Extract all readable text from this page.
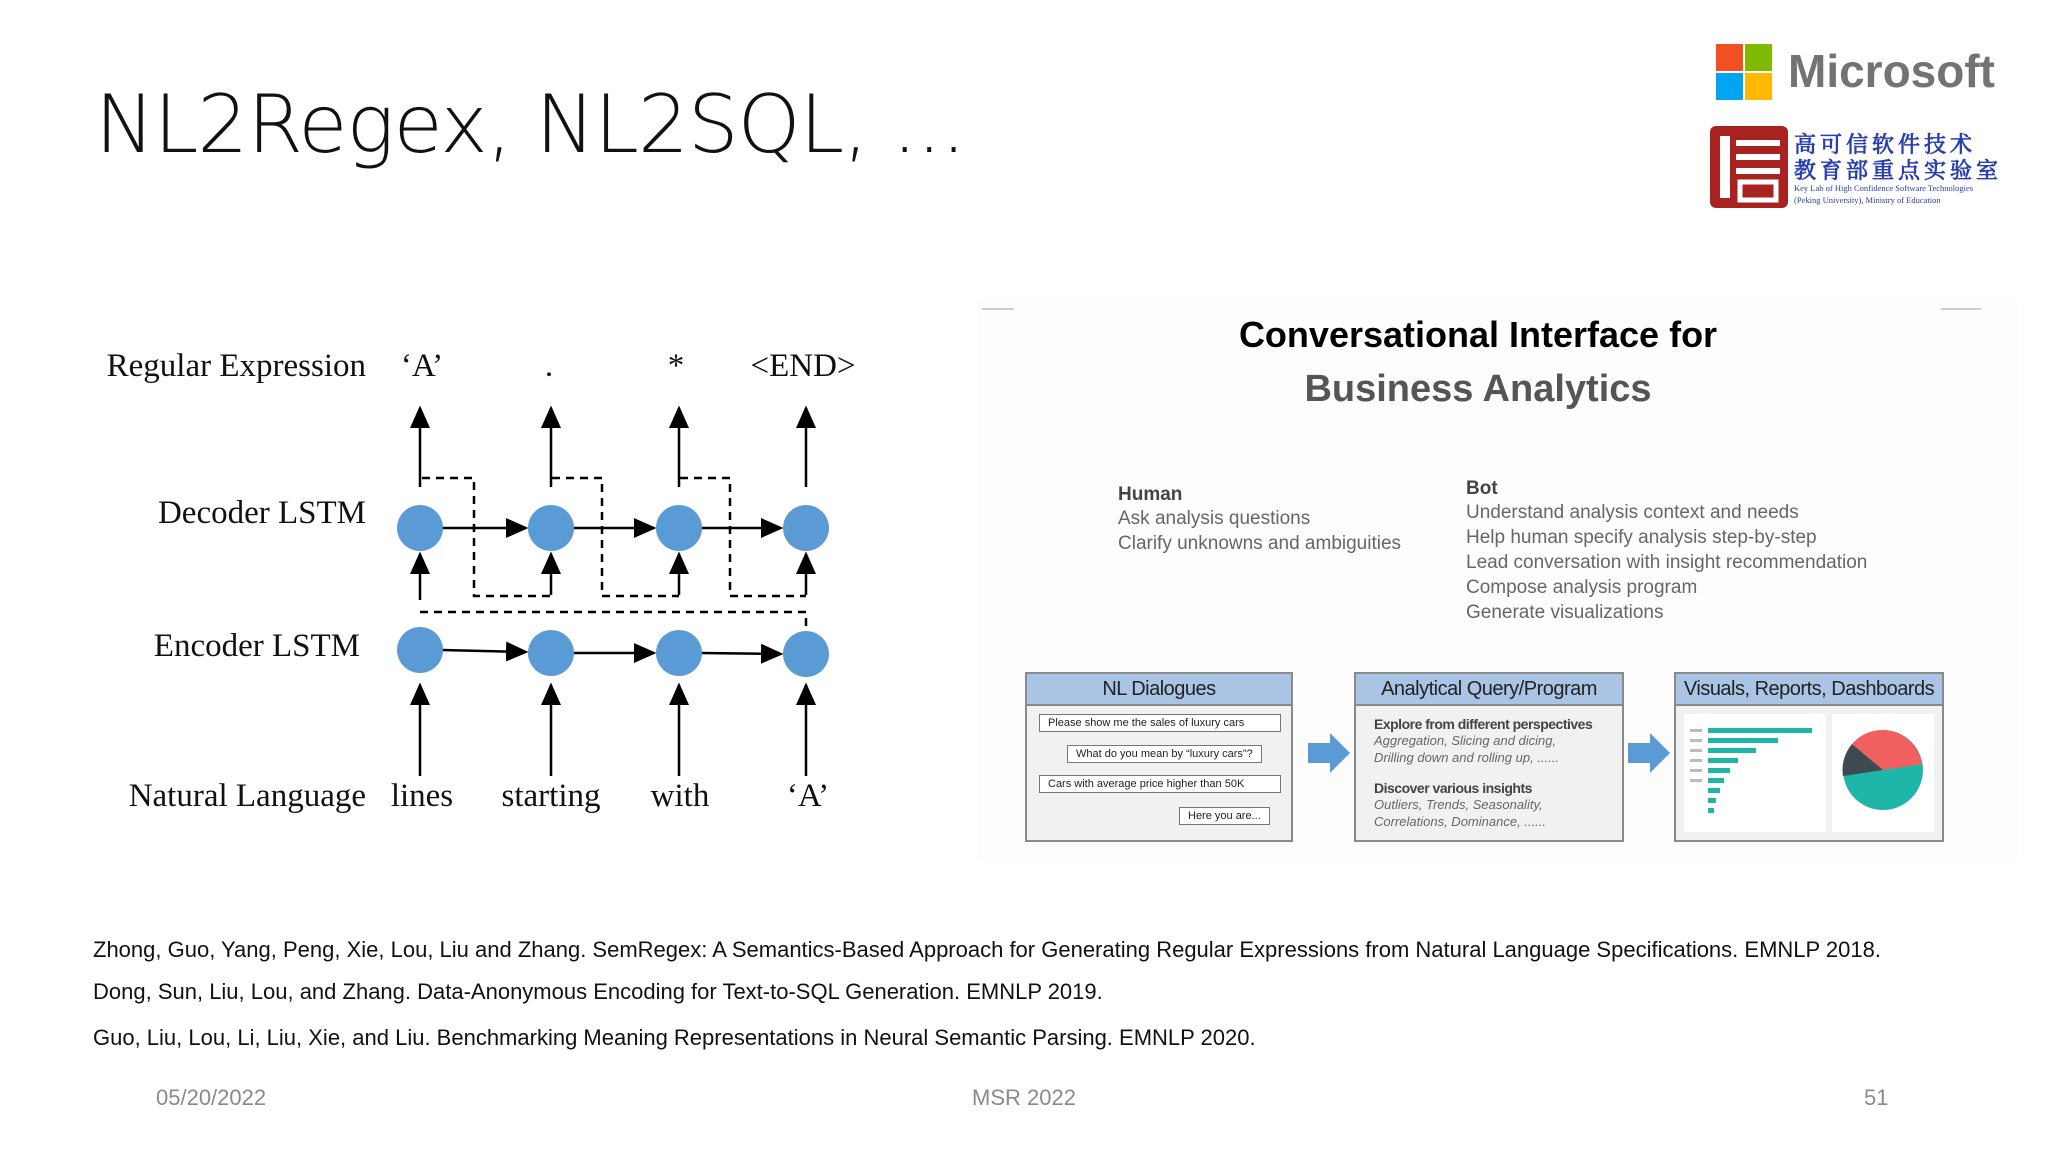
NL2Regex, NL2SQL, ...
Microsoft
高可信软件技术
教育部重点实验室
Key Lab of High Confidence Software Technologies
(Peking University), Ministry of Education
Regular Expression
Decoder LSTM
Encoder LSTM
Natural Language
‘A’	.	* <END>
lines starting with ‘A’
Conversational Interface for
Business Analytics
Human
Ask analysis questions
Clarify unknowns and ambiguities
Bot
Understand analysis context and needs
Help human specify analysis step-by-step
Lead conversation with insight recommendation
Compose analysis program
Generate visualizations
NL Dialogues
Please show me the sales of luxury cars
What do you mean by “luxury cars”?
Cars with average price higher than 50K
Here you are...
Analytical Query/Program
Explore from different perspectives
Aggregation, Slicing and dicing,
Drilling down and rolling up, ......
Discover various insights
Outliers, Trends, Seasonality,
Correlations, Dominance, ......
Visuals, Reports, Dashboards
Zhong, Guo, Yang, Peng, Xie, Lou, Liu and Zhang. SemRegex: A Semantics-Based Approach for Generating Regular Expressions from Natural Language Specifications. EMNLP 2018.
Dong, Sun, Liu, Lou, and Zhang. Data-Anonymous Encoding for Text-to-SQL Generation. EMNLP 2019.
Guo, Liu, Lou, Li, Liu, Xie, and Liu. Benchmarking Meaning Representations in Neural Semantic Parsing. EMNLP 2020.
05/20/2022	MSR 2022	51
